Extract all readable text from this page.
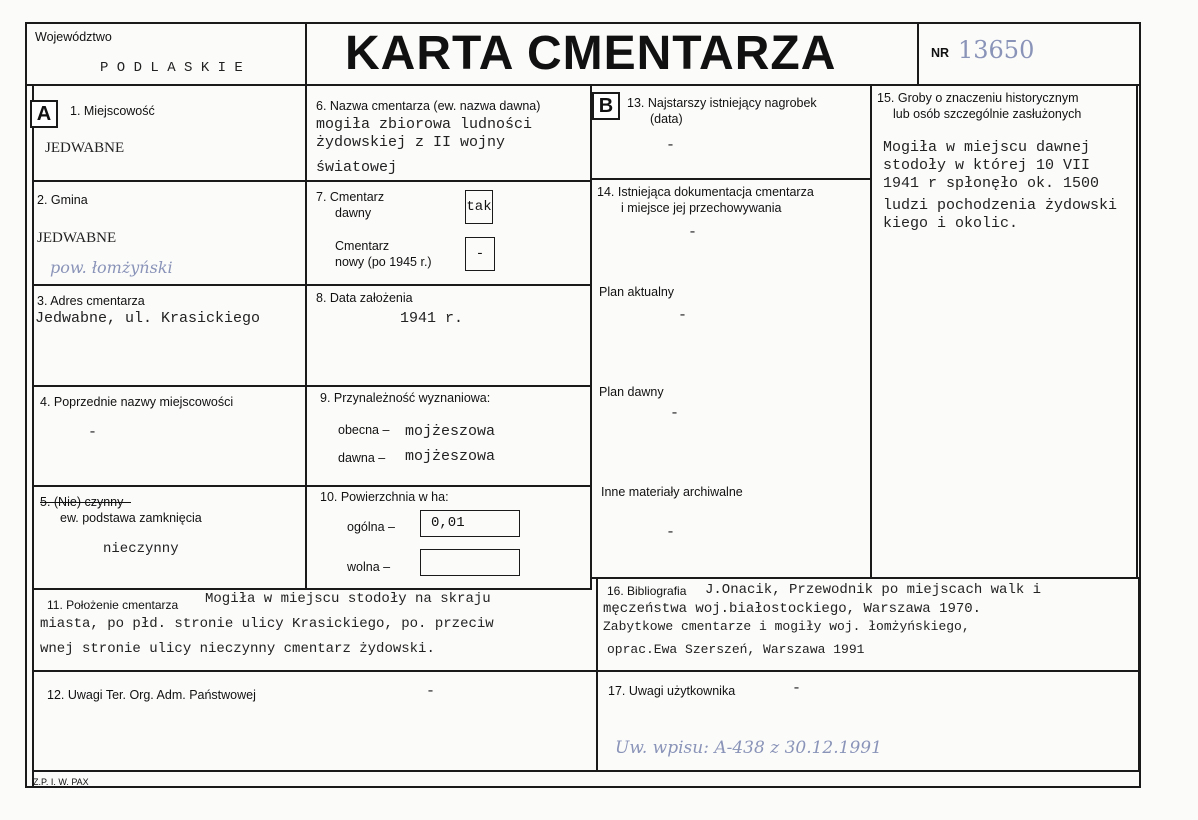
Województwo
P O D L A S K I E KARTA CMENTARZA	NR 13650
A	1. Miejscowość
JEDWABNE
2. Gmina
JEDWABNE
pow. łomżyński
3. Adres cmentarza
Jedwabne, ul. Krasickiego
4. Poprzednie nazwy miejscowości
-
5. (Nie) czynny -
ew. podstawa zamknięcia
nieczynny
6. Nazwa cmentarza (ew. nazwa dawna)
mogiła zbiorowa ludności
żydowskiej z II wojny
światowej
7. Cmentarz
dawny	tak
Cmentarz
nowy (po 1945 r.)	-
8. Data założenia
1941 r.
9. Przynależność wyznaniowa:
obecna – mojżeszowa
dawna – mojżeszowa
10. Powierzchnia w ha:
ogólna –	0,01
wolna –
B	13. Najstarszy istniejący nagrobek
(data)
-
14. Istniejąca dokumentacja cmentarza
i miejsce jej przechowywania
-
Plan aktualny
-
Plan dawny
-
Inne materiały archiwalne
-
15. Groby o znaczeniu historycznym
lub osób szczególnie zasłużonych
Mogiła w miejscu dawnej
stodoły w której 10 VII
1941 r spłonęło ok. 1500
ludzi pochodzenia żydowski
kiego i okolic.
11. Położenie cmentarza Mogiła w miejscu stodoły na skraju
miasta, po płd. stronie ulicy Krasickiego, po. przeciw
wnej stronie ulicy nieczynny cmentarz żydowski.
16. Bibliografia J.Onacik, Przewodnik po miejscach walk i
męczeństwa woj.białostockiego, Warszawa 1970.
Zabytkowe cmentarze i mogiły woj. łomżyńskiego,
oprac.Ewa Szerszeń, Warszawa 1991
12. Uwagi Ter. Org. Adm. Państwowej	-	17. Uwagi użytkownika	-
Uw. wpisu: A-438 z 30.12.1991
Z.P. I. W. PAX
